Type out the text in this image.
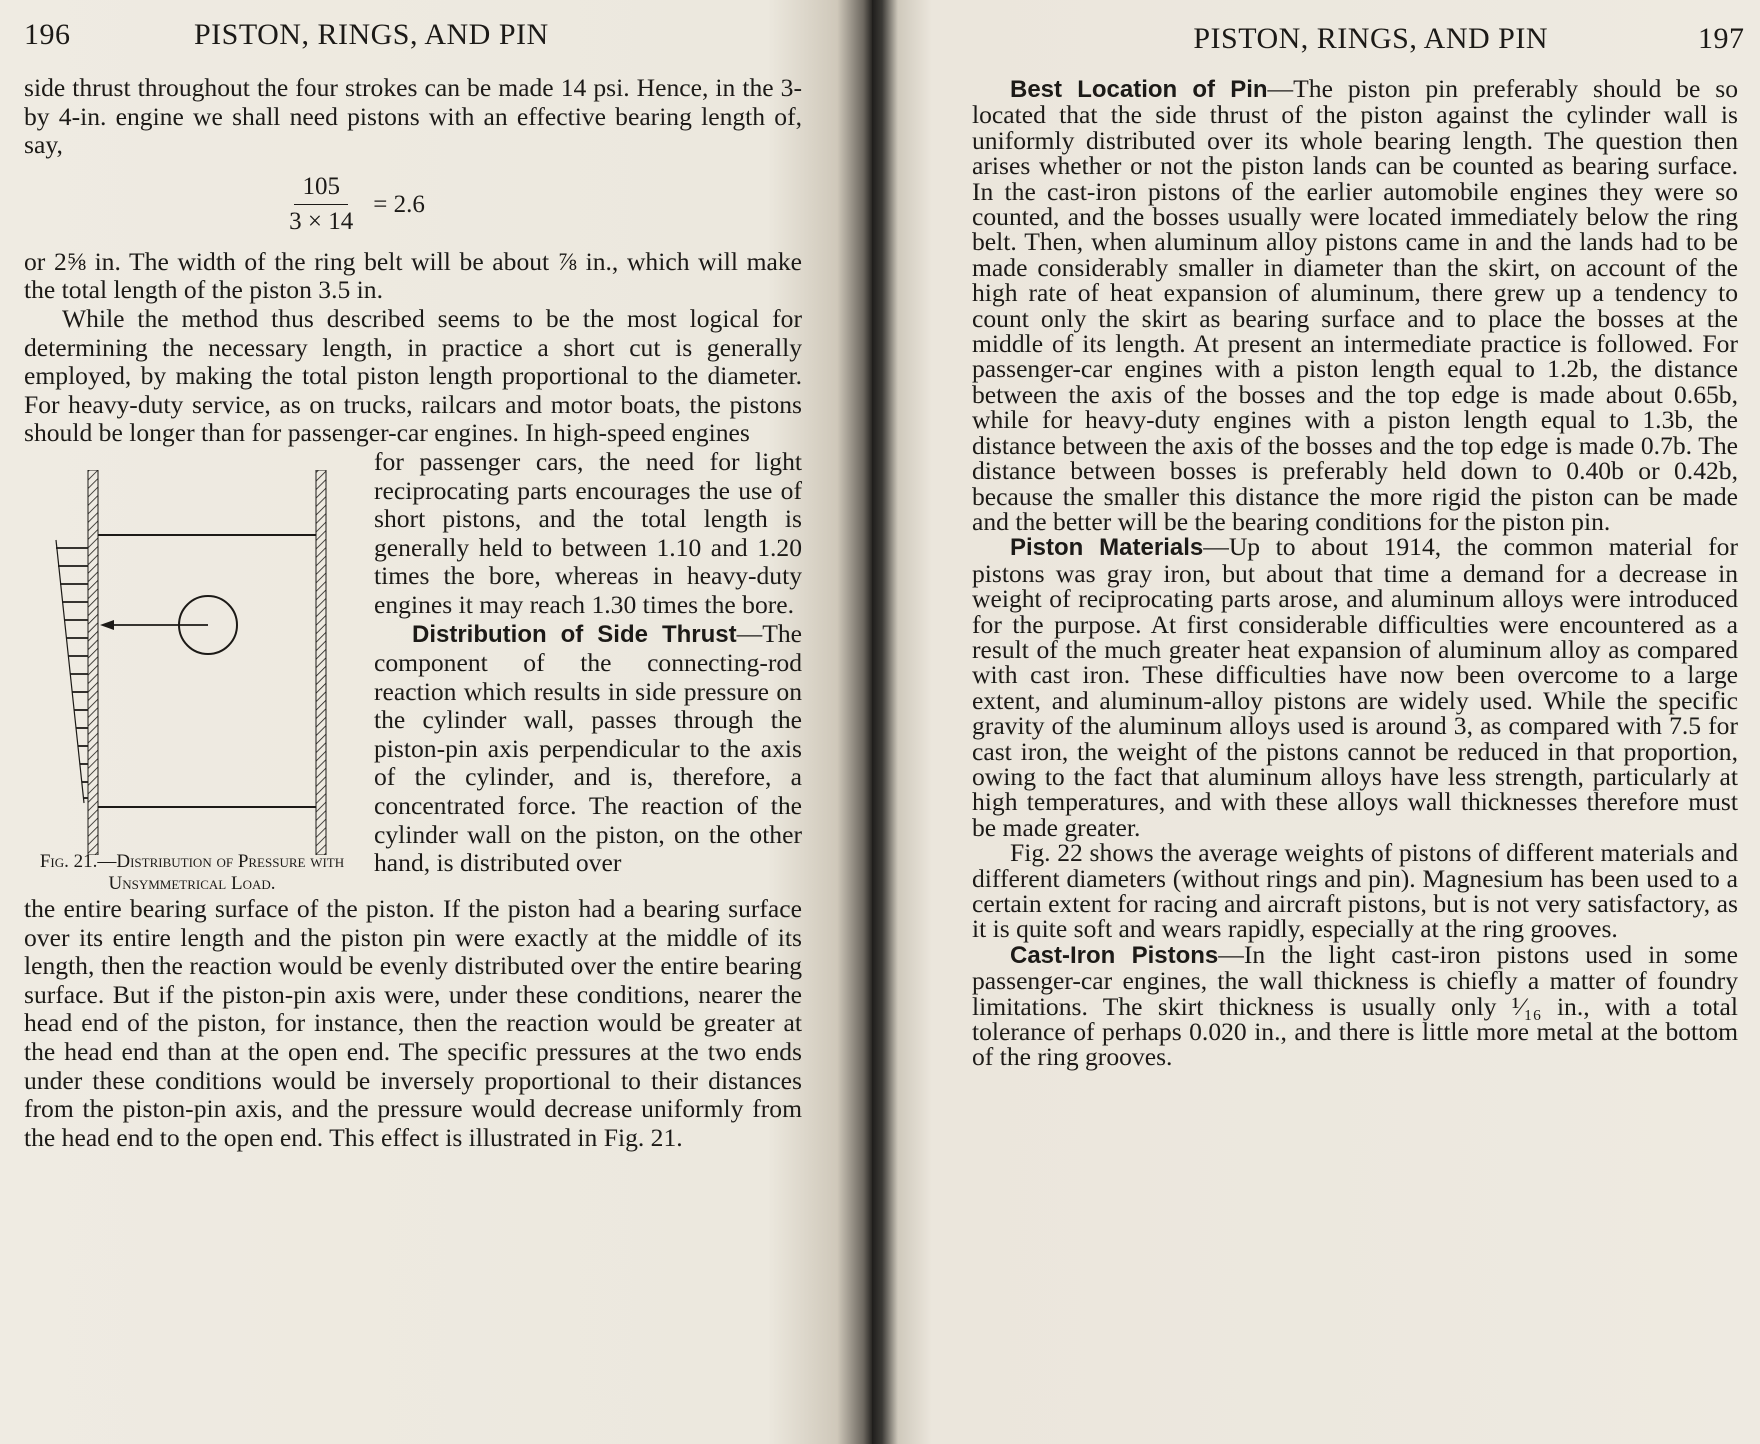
196	PISTON, RINGS, AND PIN

side thrust throughout the four strokes can be made 14 psi. Hence, in the 3- by 4-in. engine we shall need pistons with an effective bearing length of, say,

$\frac{105}{3 \times 14} = 2.6$

or 2⅝ in. The width of the ring belt will be about ⅞ in., which will make the total length of the piston 3.5 in.

While the method thus described seems to be the most logical for determining the necessary length, in practice a short cut is generally employed, by making the total piston length proportional to the diameter. For heavy-duty service, as on trucks, railcars and motor boats, the pistons should be longer than for passenger-car engines. In high-speed engines

Fig. 21.—Distribution of Pressure with Unsymmetrical Load.

for passenger cars, the need for light reciprocating parts encourages the use of short pistons, and the total length is generally held to between 1.10 and 1.20 times the bore, whereas in heavy-duty engines it may reach 1.30 times the bore.

Distribution of Side Thrust—The component of the connecting-rod reaction which results in side pressure on the cylinder wall, passes through the piston-pin axis perpendicular to the axis of the cylinder, and is, therefore, a concentrated force. The reaction of the cylinder wall on the piston, on the other hand, is distributed over

the entire bearing surface of the piston. If the piston had a bearing surface over its entire length and the piston pin were exactly at the middle of its length, then the reaction would be evenly distributed over the entire bearing surface. But if the piston-pin axis were, under these conditions, nearer the head end of the piston, for instance, then the reaction would be greater at the head end than at the open end. The specific pressures at the two ends under these conditions would be inversely proportional to their distances from the piston-pin axis, and the pressure would decrease uniformly from the head end to the open end. This effect is illustrated in Fig. 21.

PISTON, RINGS, AND PIN	197

Best Location of Pin—The piston pin preferably should be so located that the side thrust of the piston against the cylinder wall is uniformly distributed over its whole bearing length. The question then arises whether or not the piston lands can be counted as bearing surface. In the cast-iron pistons of the earlier automobile engines they were so counted, and the bosses usually were located immediately below the ring belt. Then, when aluminum alloy pistons came in and the lands had to be made considerably smaller in diameter than the skirt, on account of the high rate of heat expansion of aluminum, there grew up a tendency to count only the skirt as bearing surface and to place the bosses at the middle of its length. At present an intermediate practice is followed. For passenger-car engines with a piston length equal to 1.2b, the distance between the axis of the bosses and the top edge is made about 0.65b, while for heavy-duty engines with a piston length equal to 1.3b, the distance between the axis of the bosses and the top edge is made 0.7b. The distance between bosses is preferably held down to 0.40b or 0.42b, because the smaller this distance the more rigid the piston can be made and the better will be the bearing conditions for the piston pin.

Piston Materials—Up to about 1914, the common material for pistons was gray iron, but about that time a demand for a decrease in weight of reciprocating parts arose, and aluminum alloys were introduced for the purpose. At first considerable difficulties were encountered as a result of the much greater heat expansion of aluminum alloy as compared with cast iron. These difficulties have now been overcome to a large extent, and aluminum-alloy pistons are widely used. While the specific gravity of the aluminum alloys used is around 3, as compared with 7.5 for cast iron, the weight of the pistons cannot be reduced in that proportion, owing to the fact that aluminum alloys have less strength, particularly at high temperatures, and with these alloys wall thicknesses therefore must be made greater.

Fig. 22 shows the average weights of pistons of different materials and different diameters (without rings and pin). Magnesium has been used to a certain extent for racing and aircraft pistons, but is not very satisfactory, as it is quite soft and wears rapidly, especially at the ring grooves.

Cast-Iron Pistons—In the light cast-iron pistons used in some passenger-car engines, the wall thickness is chiefly a matter of foundry limitations. The skirt thickness is usually only ¹⁄₁₆ in., with a total tolerance of perhaps 0.020 in., and there is little more metal at the bottom of the ring grooves.
